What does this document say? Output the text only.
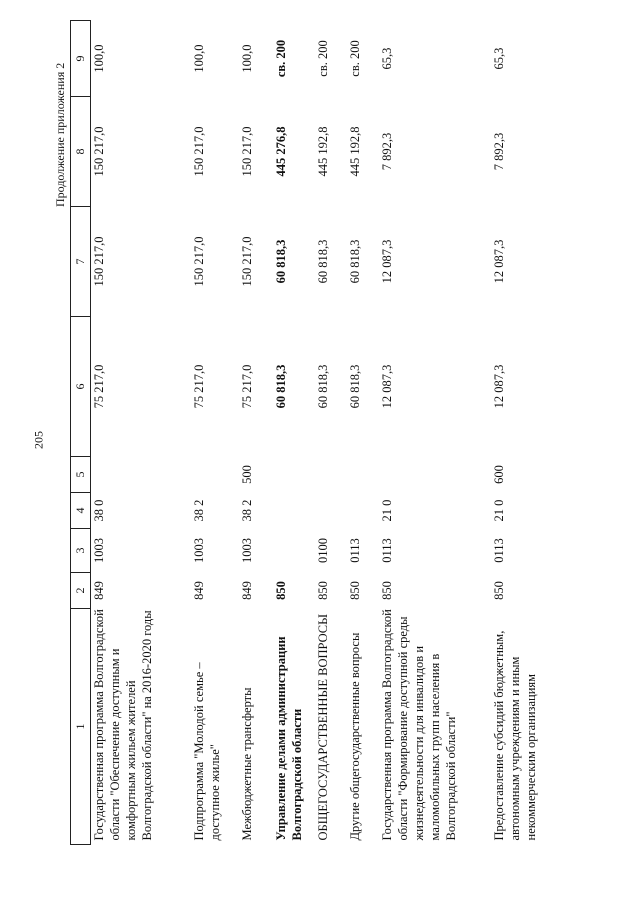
205
Продолжение приложения 2
1	2	3	4	5	6	7	8	9
Государственная программа Волгоградской области "Обеспечение доступным и комфортным жильем жителей Волгоградской области" на 2016-2020 годы	849	1003	38 0		75 217,0	150 217,0	150 217,0	100,0
Подпрограмма "Молодой семье – доступное жилье"	849	1003	38 2		75 217,0	150 217,0	150 217,0	100,0
Межбюджетные трансферты	849	1003	38 2	500	75 217,0	150 217,0	150 217,0	100,0
Управление делами администрации Волгоградской области	850				60 818,3	60 818,3	445 276,8	св. 200
ОБЩЕГОСУДАРСТВЕННЫЕ ВОПРОСЫ	850	0100			60 818,3	60 818,3	445 192,8	св. 200
Другие общегосударственные вопросы	850	0113			60 818,3	60 818,3	445 192,8	св. 200
Государственная программа Волгоградской области "Формирование доступной среды жизнедеятельности для инвалидов и маломобильных групп населения в Волгоградской области"	850	0113	21 0		12 087,3	12 087,3	7 892,3	65,3
Предоставление субсидий бюджетным, автономным учреждениям и иным некоммерческим организациям	850	0113	21 0	600	12 087,3	12 087,3	7 892,3	65,3
